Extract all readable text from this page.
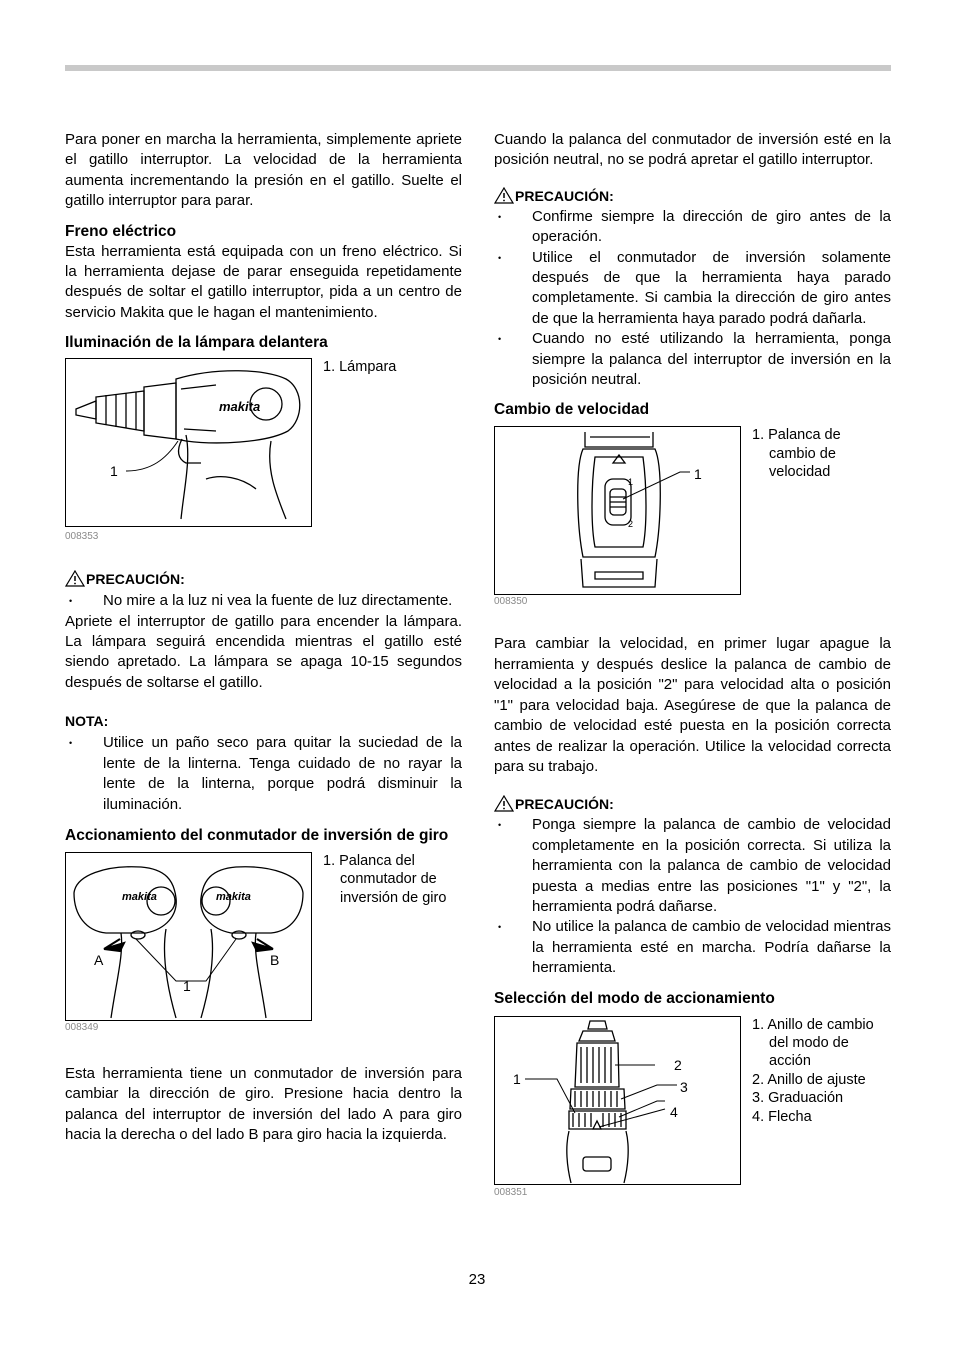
Para poner en marcha la herramienta, simplemente apriete el gatillo interruptor. La velocidad de la herramienta aumenta incrementando la presión en el gatillo. Suelte el gatillo interruptor para parar.

Freno eléctrico

Esta herramienta está equipada con un freno eléctrico. Si la herramienta dejase de parar enseguida repetidamente después de soltar el gatillo interruptor, pida a un centro de servicio Makita que le hagan el mantenimiento.

Iluminación de la lámpara delantera
makita
1
1. Lámpara
008353
PRECAUCIÓN:
• No mire a la luz ni vea la fuente de luz directamente.

Apriete el interruptor de gatillo para encender la lámpara. La lámpara seguirá encendida mientras el gatillo esté siendo apretado. La lámpara se apaga 10-15 segundos después de soltarse el gatillo.

NOTA:
• Utilice un paño seco para quitar la suciedad de la lente de la linterna. Tenga cuidado de no rayar la lente de la linterna, porque podrá disminuir la iluminación.
Accionamiento del conmutador de inversión de giro
makita	makita
A	B
1
1. Palanca del
conmutador de
inversión de giro
008349

Esta herramienta tiene un conmutador de inversión para cambiar la dirección de giro. Presione hacia dentro la palanca del interruptor de inversión del lado A para giro hacia la derecha o del lado B para giro hacia la izquierda.

Cuando la palanca del conmutador de inversión esté en la posición neutral, no se podrá apretar el gatillo interruptor.

PRECAUCIÓN:
• Confirme siempre la dirección de giro antes de la operación.
• Utilice el conmutador de inversión solamente después de que la herramienta haya parado completamente. Si cambia la dirección de giro antes de que la herramienta haya parado podrá dañarla.
• Cuando no esté utilizando la herramienta, ponga siempre la palanca del interruptor de inversión en la posición neutral.
Cambio de velocidad
1
2
1
1. Palanca de
cambio de
velocidad
008350

Para cambiar la velocidad, en primer lugar apague la herramienta y después deslice la palanca de cambio de velocidad a la posición "2" para velocidad alta o posición "1" para velocidad baja. Asegúrese de que la palanca de cambio de velocidad esté puesta en la posición correcta antes de realizar la operación. Utilice la velocidad correcta para su trabajo.

PRECAUCIÓN:
• Ponga siempre la palanca de cambio de velocidad completamente en la posición correcta. Si utiliza la herramienta con la palanca de cambio de velocidad puesta a medias entre las posiciones "1" y "2", la herramienta podrá dañarse.
• No utilice la palanca de cambio de velocidad mientras la herramienta esté en marcha. Podría dañarse la herramienta.
Selección del modo de accionamiento
1
2
3
4
1. Anillo de cambio
del modo de
acción
2. Anillo de ajuste
3. Graduación
4. Flecha
008351
23
